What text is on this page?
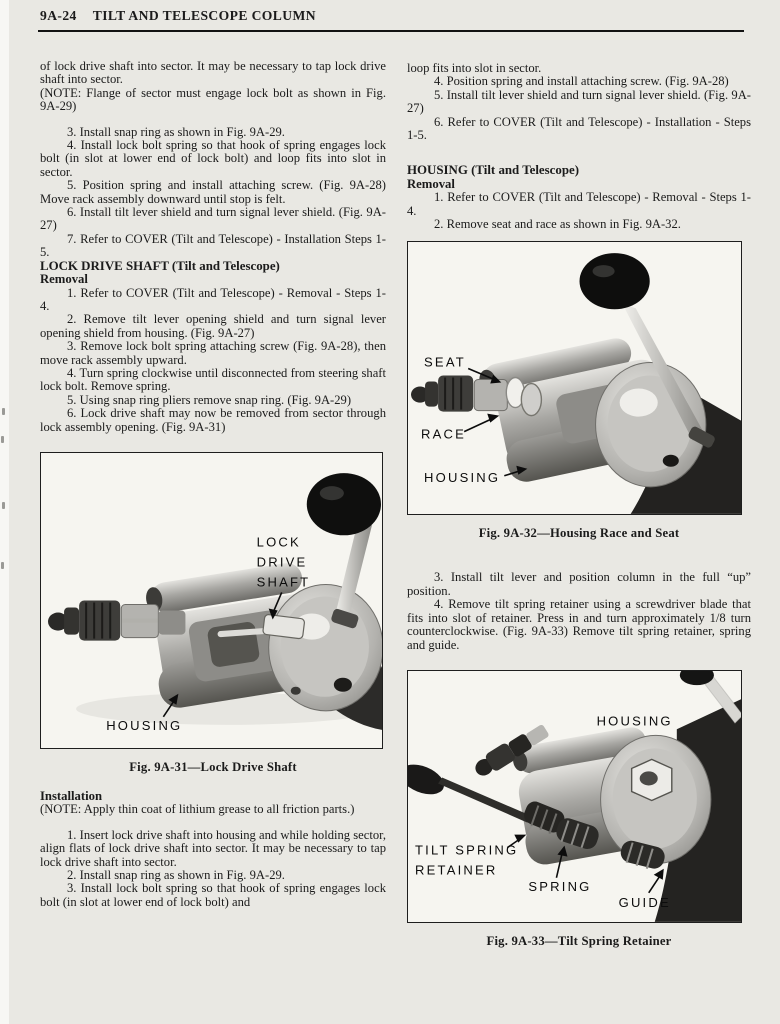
9A-24 TILT AND TELESCOPE COLUMN

of lock drive shaft into sector. It may be necessary to tap lock drive shaft into sector.

(NOTE: Flange of sector must engage lock bolt as shown in Fig. 9A-29)

3. Install snap ring as shown in Fig. 9A-29.

4. Install lock bolt spring so that hook of spring engages lock bolt (in slot at lower end of lock bolt) and loop fits into slot in sector.

5. Position spring and install attaching screw. (Fig. 9A-28) Move rack assembly downward until stop is felt.

6. Install tilt lever shield and turn signal lever shield. (Fig. 9A-27)

7. Refer to COVER (Tilt and Telescope) - Installation Steps 1-5.

LOCK DRIVE SHAFT (Tilt and Telescope)
Removal

1. Refer to COVER (Tilt and Telescope) - Removal - Steps 1-4.

2. Remove tilt lever opening shield and turn signal lever opening shield from housing. (Fig. 9A-27)

3. Remove lock bolt spring attaching screw (Fig. 9A-28), then move rack assembly upward.

4. Turn spring clockwise until disconnected from steering shaft lock bolt. Remove spring.

5. Using snap ring pliers remove snap ring. (Fig. 9A-29)

6. Lock drive shaft may now be removed from sector through lock assembly opening. (Fig. 9A-31)

LOCK
DRIVE
SHAFT
HOUSING

Fig. 9A-31—Lock Drive Shaft

Installation

(NOTE: Apply thin coat of lithium grease to all friction parts.)

1. Insert lock drive shaft into housing and while holding sector, align flats of lock drive shaft into sector. It may be necessary to tap lock drive shaft into sector.

2. Install snap ring as shown in Fig. 9A-29.

3. Install lock bolt spring so that hook of spring engages lock bolt (in slot at lower end of lock bolt) and

loop fits into slot in sector.

4. Position spring and install attaching screw. (Fig. 9A-28)

5. Install tilt lever shield and turn signal lever shield. (Fig. 9A-27)

6. Refer to COVER (Tilt and Telescope) - Installation - Steps 1-5.

HOUSING (Tilt and Telescope)
Removal

1. Refer to COVER (Tilt and Telescope) - Removal - Steps 1-4.

2. Remove seat and race as shown in Fig. 9A-32.

SEAT
RACE
HOUSING

Fig. 9A-32—Housing Race and Seat

3. Install tilt lever and position column in the full “up” position.

4. Remove tilt spring retainer using a screwdriver blade that fits into slot of retainer. Press in and turn approximately 1/8 turn counterclockwise. (Fig. 9A-33) Remove tilt spring retainer, spring and guide.

HOUSING
TILT SPRING
RETAINER
SPRING
GUIDE

Fig. 9A-33—Tilt Spring Retainer
